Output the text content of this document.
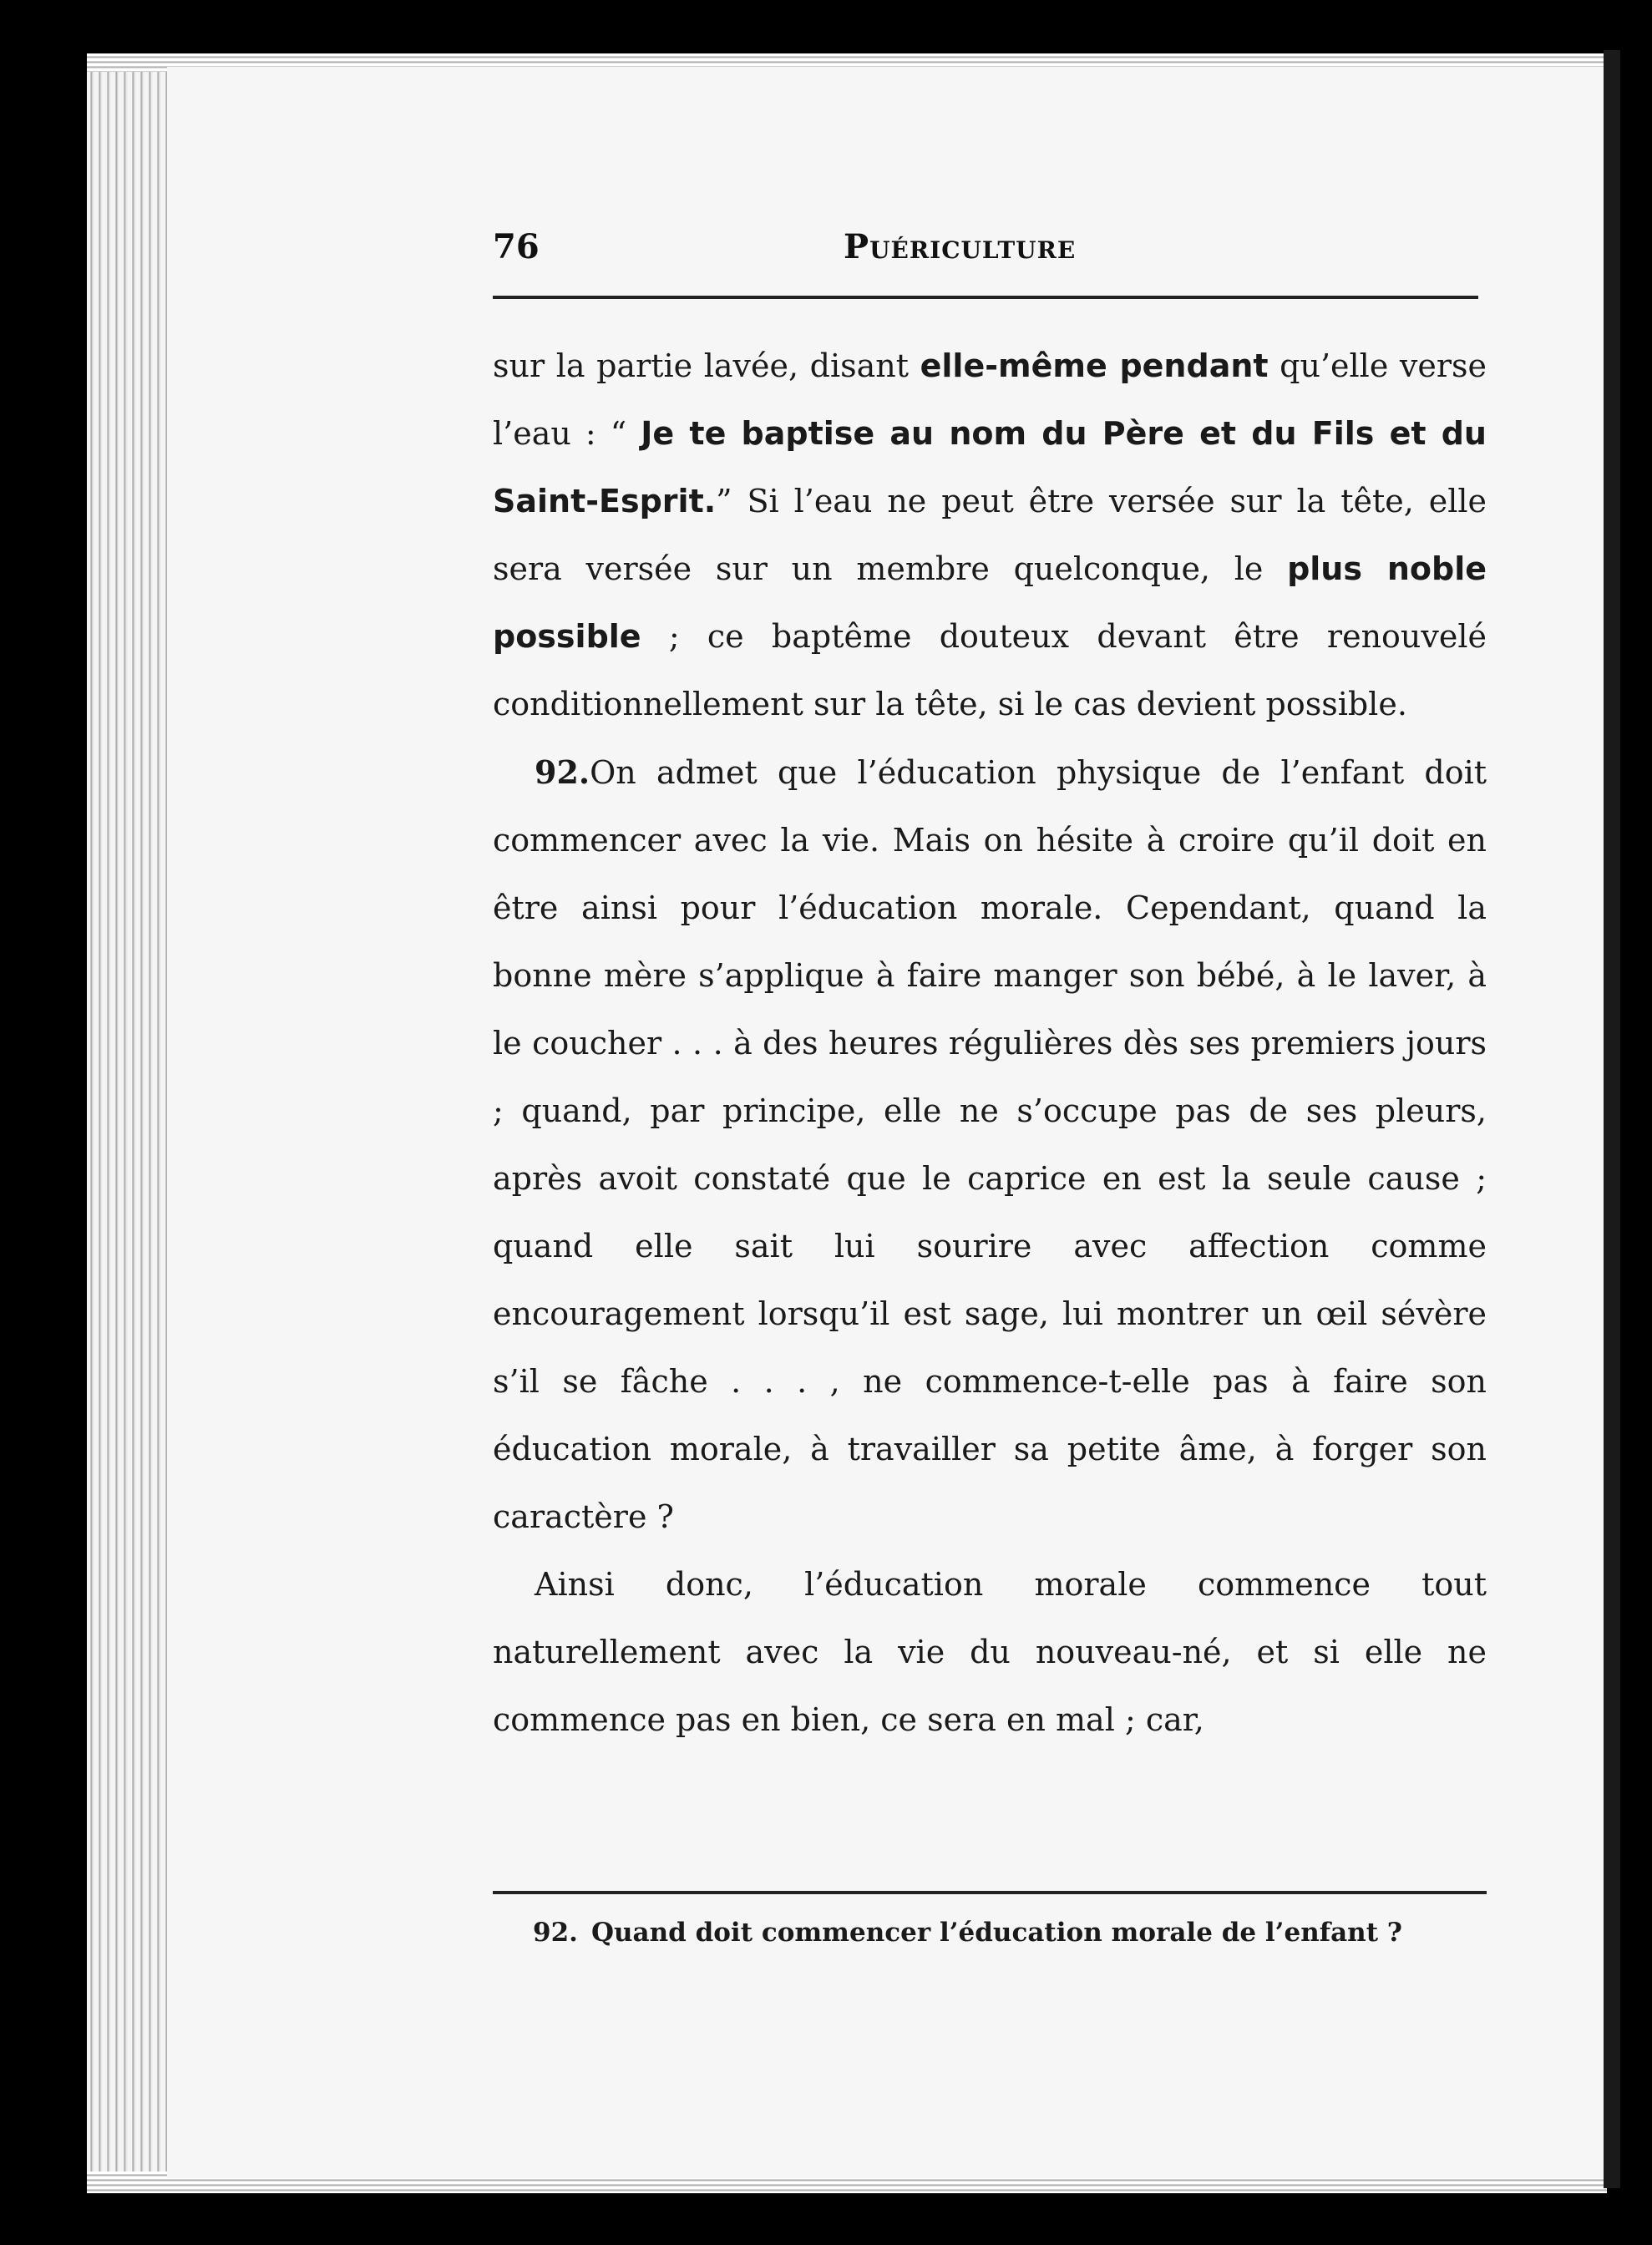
76	Puériculture

sur la partie lavée, disant elle-même pendant qu’elle verse l’eau : “ Je te baptise au nom du Père et du Fils et du Saint-Esprit.” Si l’eau ne peut être versée sur la tête, elle sera versée sur un membre quelconque, le plus noble possible ; ce baptême douteux devant être renouvelé conditionnellement sur la tête, si le cas devient possible.

92.On admet que l’éducation physique de l’enfant doit commencer avec la vie. Mais on hésite à croire qu’il doit en être ainsi pour l’éducation morale. Cependant, quand la bonne mère s’applique à faire manger son bébé, à le laver, à le coucher . . . à des heures régulières dès ses premiers jours ; quand, par principe, elle ne s’occupe pas de ses pleurs, après avoit constaté que le caprice en est la seule cause ; quand elle sait lui sourire avec affection comme encouragement lorsqu’il est sage, lui montrer un œil sévère s’il se fâche . . . , ne commence-t-elle pas à faire son éducation morale, à travailler sa petite âme, à forger son caractère ?

Ainsi donc, l’éducation morale commence tout naturellement avec la vie du nouveau-né, et si elle ne commence pas en bien, ce sera en mal ; car,

92. Quand doit commencer l’éducation morale de l’enfant ?
